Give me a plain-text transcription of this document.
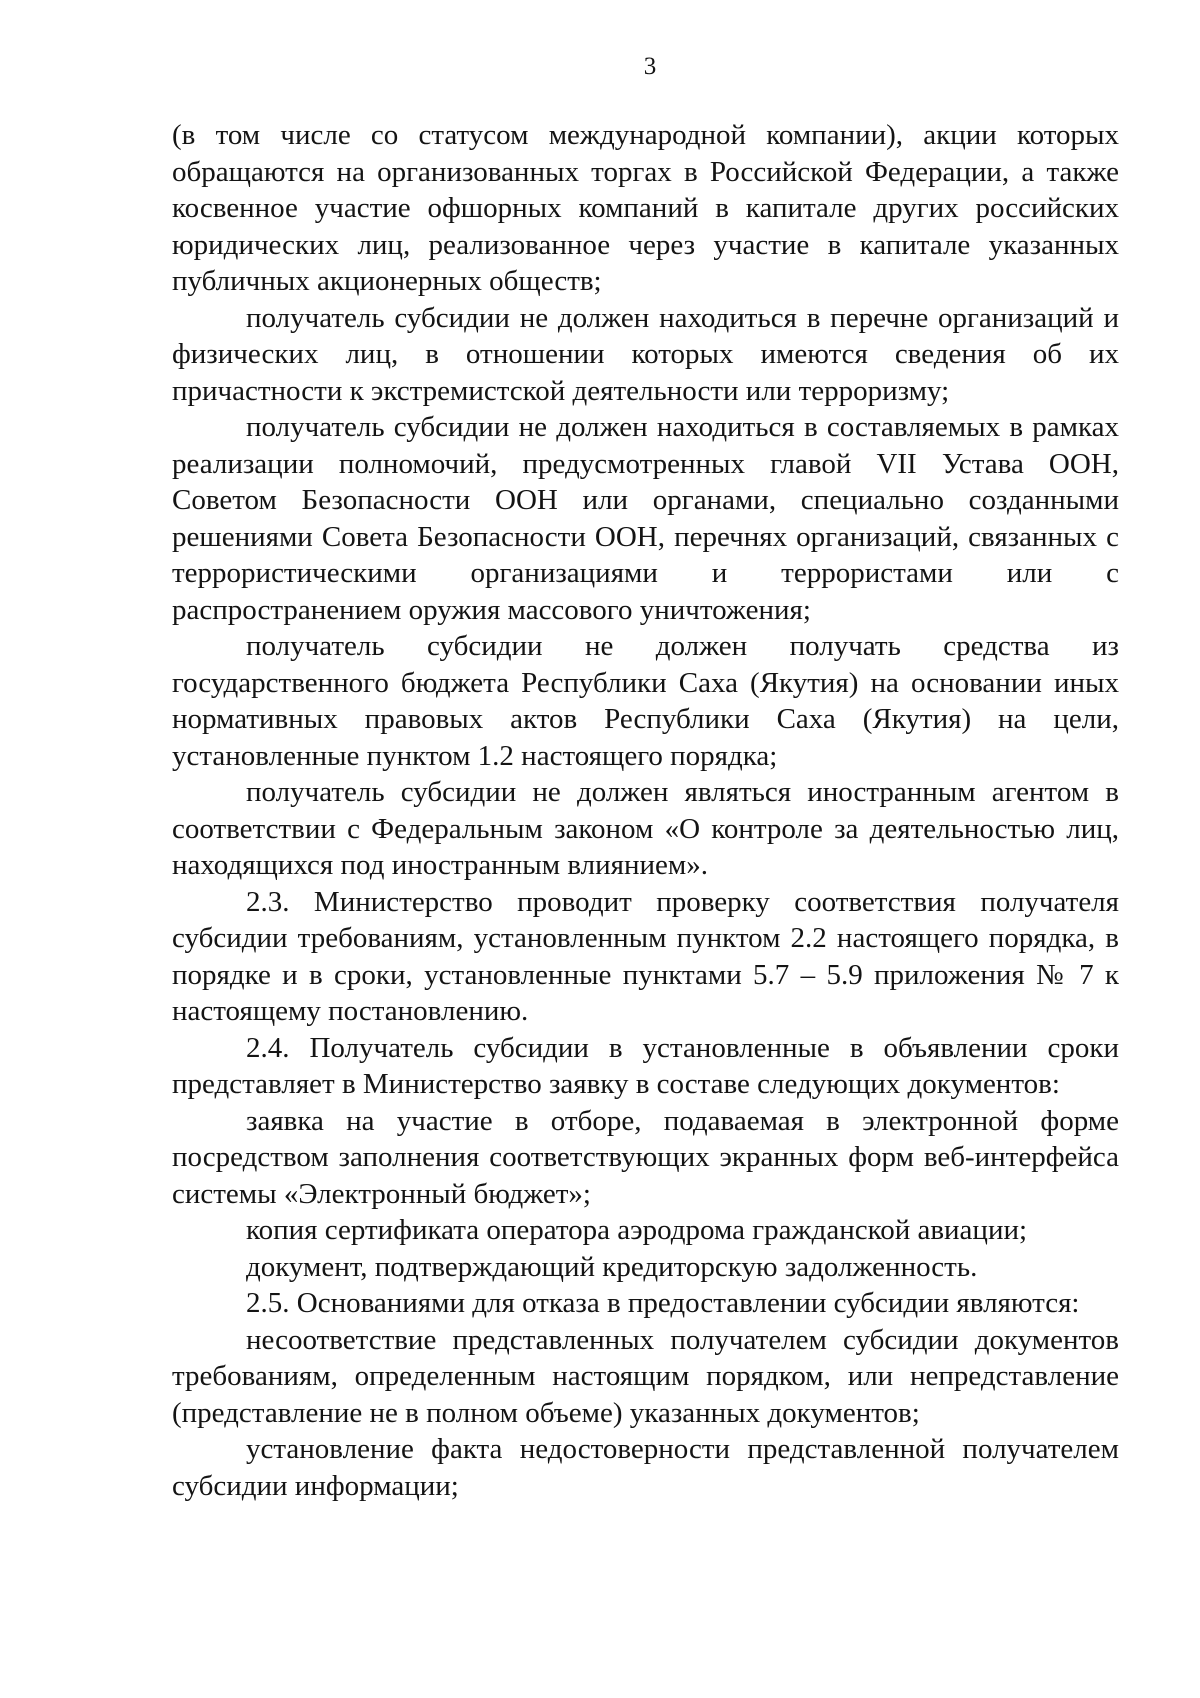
3

(в том числе со статусом международной компании), акции которых обращаются на организованных торгах в Российской Федерации, а также косвенное участие офшорных компаний в капитале других российских юридических лиц, реализованное через участие в капитале указанных публичных акционерных обществ;

получатель субсидии не должен находиться в перечне организаций и физических лиц, в отношении которых имеются сведения об их причастности к экстремистской деятельности или терроризму;

получатель субсидии не должен находиться в составляемых в рамках реализации полномочий, предусмотренных главой VII Устава ООН, Советом Безопасности ООН или органами, специально созданными решениями Совета Безопасности ООН, перечнях организаций, связанных с террористическими организациями и террористами или с распространением оружия массового уничтожения;

получатель субсидии не должен получать средства из государственного бюджета Республики Саха (Якутия) на основании иных нормативных правовых актов Республики Саха (Якутия) на цели, установленные пунктом 1.2 настоящего порядка;

получатель субсидии не должен являться иностранным агентом в соответствии с Федеральным законом «О контроле за деятельностью лиц, находящихся под иностранным влиянием».

2.3. Министерство проводит проверку соответствия получателя субсидии требованиям, установленным пунктом 2.2 настоящего порядка, в порядке и в сроки, установленные пунктами 5.7 – 5.9 приложения № 7 к настоящему постановлению.

2.4. Получатель субсидии в установленные в объявлении сроки представляет в Министерство заявку в составе следующих документов:

заявка на участие в отборе, подаваемая в электронной форме посредством заполнения соответствующих экранных форм веб-интерфейса системы «Электронный бюджет»;

копия сертификата оператора аэродрома гражданской авиации;

документ, подтверждающий кредиторскую задолженность.

2.5. Основаниями для отказа в предоставлении субсидии являются:

несоответствие представленных получателем субсидии документов требованиям, определенным настоящим порядком, или непредставление (представление не в полном объеме) указанных документов;

установление факта недостоверности представленной получателем субсидии информации;
